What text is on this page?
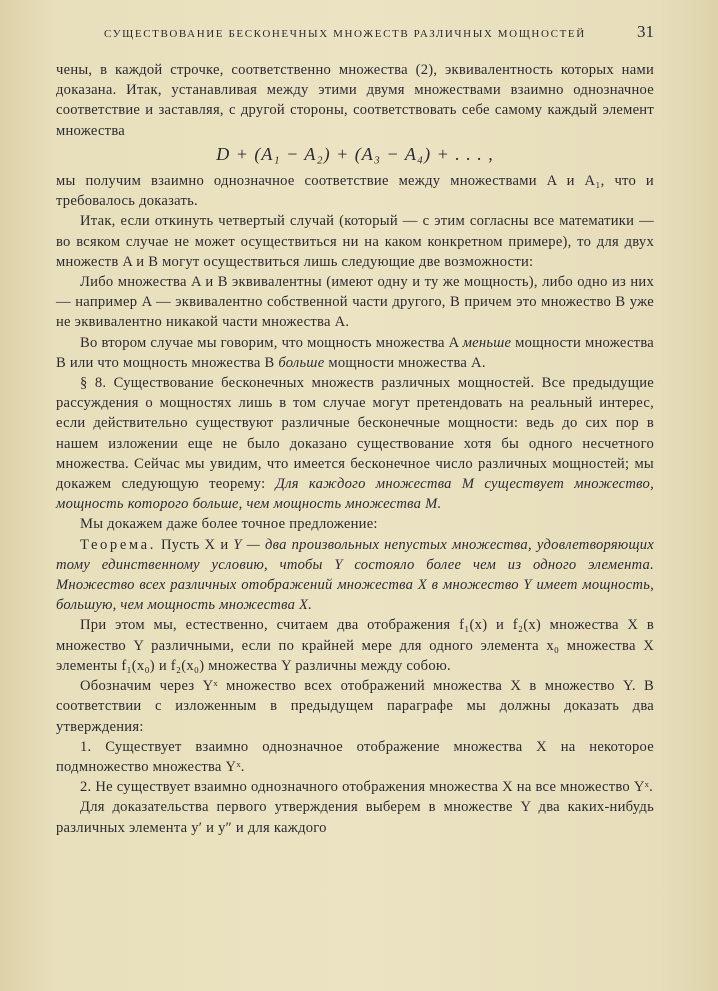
СУЩЕСТВОВАНИЕ БЕСКОНЕЧНЫХ МНОЖЕСТВ РАЗЛИЧНЫХ МОЩНОСТЕЙ	31

чены, в каждой строчке, соответственно множества (2), эквивалентность которых нами доказана. Итак, устанавливая между этими двумя множествами взаимно однозначное соответствие и заставляя, с другой стороны, соответствовать себе самому каждый элемент множества

D + (A₁ − A₂) + (A₃ − A₄) + . . . ,

мы получим взаимно однозначное соответствие между множествами A и A₁, что и требовалось доказать.

Итак, если откинуть четвертый случай (который — с этим согласны все математики — во всяком случае не может осуществиться ни на каком конкретном примере), то для двух множеств A и B могут осуществиться лишь следующие две возможности:

Либо множества A и B эквивалентны (имеют одну и ту же мощность), либо одно из них — например A — эквивалентно собственной части другого, B причем это множество B уже не эквивалентно никакой части множества A.

Во втором случае мы говорим, что мощность множества A меньше мощности множества B или что мощность множества B больше мощности множества A.

§ 8. Существование бесконечных множеств различных мощностей. Все предыдущие рассуждения о мощностях лишь в том случае могут претендовать на реальный интерес, если действительно существуют различные бесконечные мощности: ведь до сих пор в нашем изложении еще не было доказано существование хотя бы одного несчетного множества. Сейчас мы увидим, что имеется бесконечное число различных мощностей; мы докажем следующую теорему: Для каждого множества M существует множество, мощность которого больше, чем мощность множества M.

Мы докажем даже более точное предложение:

Теорема. Пусть X и Y — два произвольных непустых множества, удовлетворяющих тому единственному условию, чтобы Y состояло более чем из одного элемента. Множество всех различных отображений множества X в множество Y имеет мощность, большую, чем мощность множества X.

При этом мы, естественно, считаем два отображения f₁(x) и f₂(x) множества X в множество Y различными, если по крайней мере для одного элемента x₀ множества X элементы f₁(x₀) и f₂(x₀) множества Y различны между собою.

Обозначим через Yˣ множество всех отображений множества X в множество Y. В соответствии с изложенным в предыдущем параграфе мы должны доказать два утверждения:

1. Существует взаимно однозначное отображение множества X на некоторое подмножество множества Yˣ.

2. Не существует взаимно однозначного отображения множества X на все множество Yˣ.

Для доказательства первого утверждения выберем в множестве Y два каких-нибудь различных элемента y′ и y″ и для каждого
